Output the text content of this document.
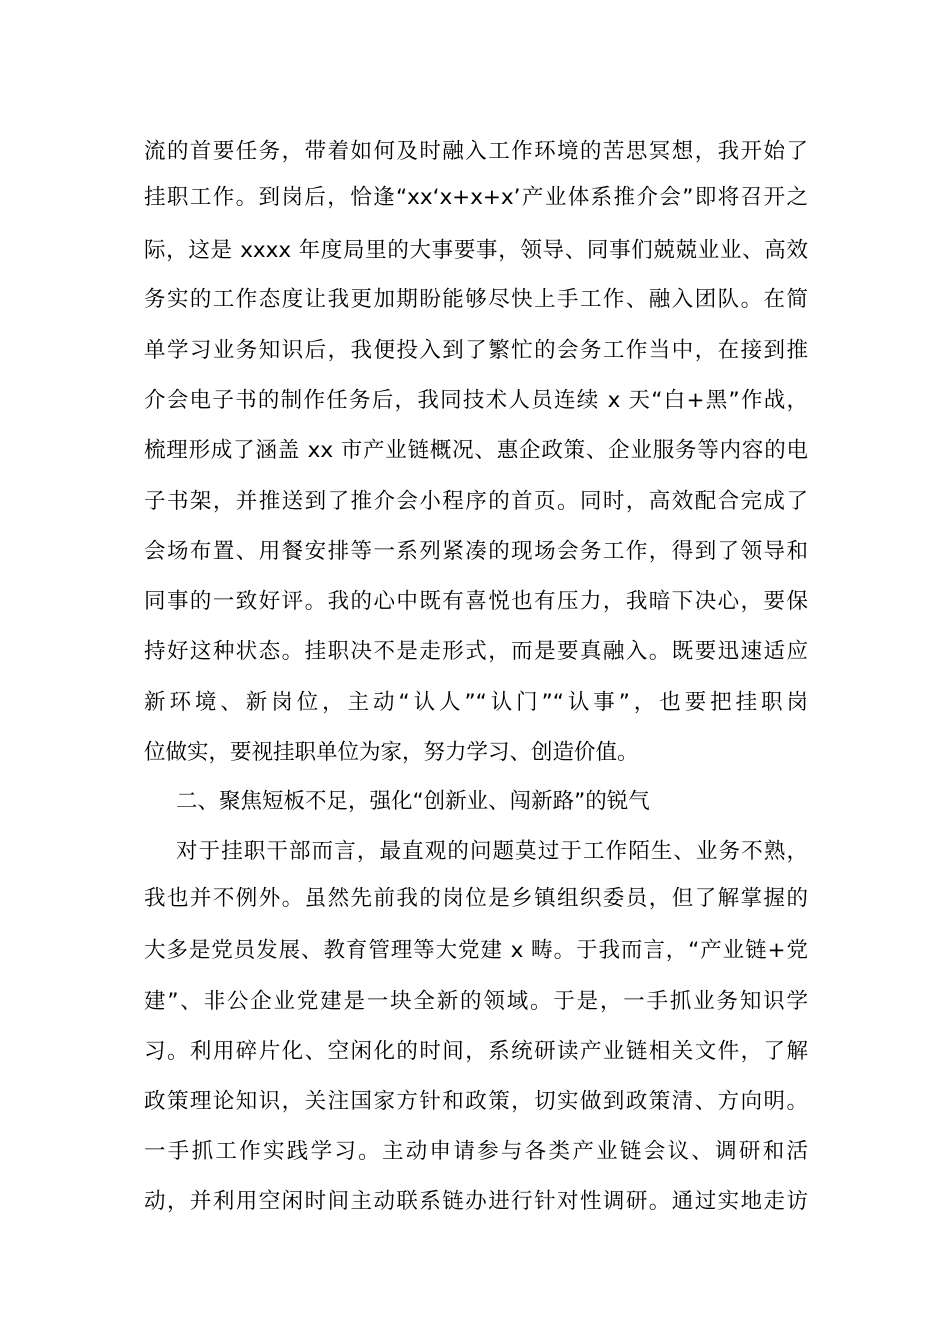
流的首要任务，带着如何及时融入工作环境的苦思冥想，我开始了
挂职工作。到岗后，恰逢“xx‘x+x+x’产业体系推介会”即将召开之
际，这是 xxxx 年度局里的大事要事，领导、同事们兢兢业业、高效
务实的工作态度让我更加期盼能够尽快上手工作、融入团队。在简
单学习业务知识后，我便投入到了繁忙的会务工作当中，在接到推
介会电子书的制作任务后，我同技术人员连续 x 天“白+黑”作战，
梳理形成了涵盖 xx 市产业链概况、惠企政策、企业服务等内容的电
子书架，并推送到了推介会小程序的首页。同时，高效配合完成了
会场布置、用餐安排等一系列紧凑的现场会务工作，得到了领导和
同事的一致好评。我的心中既有喜悦也有压力，我暗下决心，要保
持好这种状态。挂职决不是走形式，而是要真融入。既要迅速适应
新环境、新岗位，主动“认人”“认门”“认事”，也要把挂职岗
位做实，要视挂职单位为家，努力学习、创造价值。
二、聚焦短板不足，强化“创新业、闯新路”的锐气
对于挂职干部而言，最直观的问题莫过于工作陌生、业务不熟，
我也并不例外。虽然先前我的岗位是乡镇组织委员，但了解掌握的
大多是党员发展、教育管理等大党建 x 畴。于我而言，“产业链+党
建”、非公企业党建是一块全新的领域。于是，一手抓业务知识学
习。利用碎片化、空闲化的时间，系统研读产业链相关文件，了解
政策理论知识，关注国家方针和政策，切实做到政策清、方向明。
一手抓工作实践学习。主动申请参与各类产业链会议、调研和活
动，并利用空闲时间主动联系链办进行针对性调研。通过实地走访
